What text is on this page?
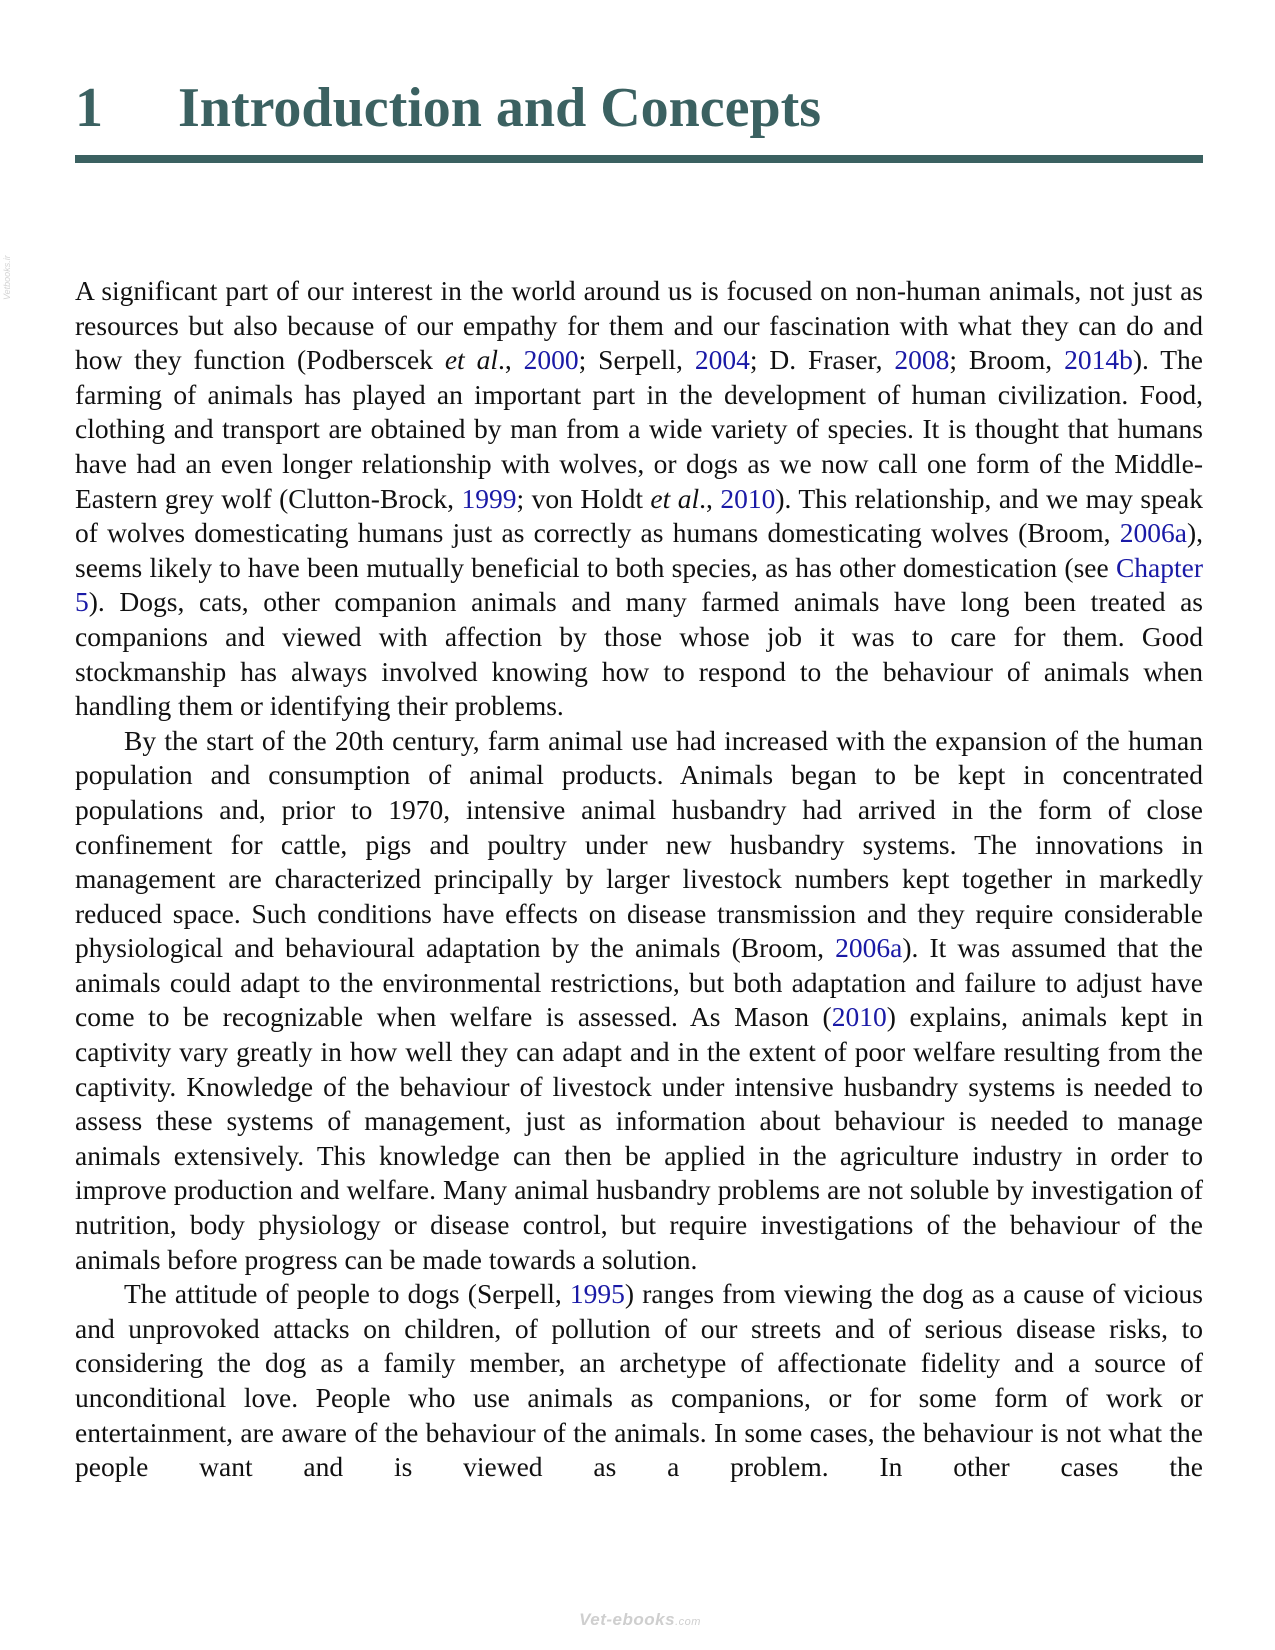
Vetbooks.ir
1 Introduction and Concepts

A significant part of our interest in the world around us is focused on non-human animals, not just as resources but also because of our empathy for them and our fascination with what they can do and how they function (Podberscek et al., 2000; Serpell, 2004; D. Fraser, 2008; Broom, 2014b). The farming of animals has played an important part in the development of human civilization. Food, clothing and transport are obtained by man from a wide variety of species. It is thought that humans have had an even longer relationship with wolves, or dogs as we now call one form of the Middle-Eastern grey wolf (Clutton-Brock, 1999; von Holdt et al., 2010). This relationship, and we may speak of wolves domesticating humans just as correctly as humans domesticating wolves (Broom, 2006a), seems likely to have been mutually beneficial to both species, as has other domestication (see Chapter 5). Dogs, cats, other companion animals and many farmed animals have long been treated as companions and viewed with affection by those whose job it was to care for them. Good stockmanship has always involved knowing how to respond to the behaviour of animals when handling them or identifying their problems.

By the start of the 20th century, farm animal use had increased with the expansion of the human population and consumption of animal products. Animals began to be kept in concentrated populations and, prior to 1970, intensive animal husbandry had arrived in the form of close confinement for cattle, pigs and poultry under new husbandry systems. The innovations in management are characterized principally by larger livestock numbers kept together in markedly reduced space. Such conditions have effects on disease transmission and they require considerable physiological and behavioural adaptation by the animals (Broom, 2006a). It was assumed that the animals could adapt to the environmental restrictions, but both adaptation and failure to adjust have come to be recognizable when welfare is assessed. As Mason (2010) explains, animals kept in captivity vary greatly in how well they can adapt and in the extent of poor welfare resulting from the captivity. Knowledge of the behaviour of livestock under intensive husbandry systems is needed to assess these systems of management, just as information about behaviour is needed to manage animals extensively. This knowledge can then be applied in the agriculture industry in order to improve production and welfare. Many animal husbandry problems are not soluble by investigation of nutrition, body physiology or disease control, but require investigations of the behaviour of the animals before progress can be made towards a solution.

The attitude of people to dogs (Serpell, 1995) ranges from viewing the dog as a cause of vicious and unprovoked attacks on children, of pollution of our streets and of serious disease risks, to considering the dog as a family member, an archetype of affectionate fidelity and a source of unconditional love. People who use animals as companions, or for some form of work or entertainment, are aware of the behaviour of the animals. In some cases, the behaviour is not what the people want and is viewed as a problem. In other cases the

Vet-ebooks.com
